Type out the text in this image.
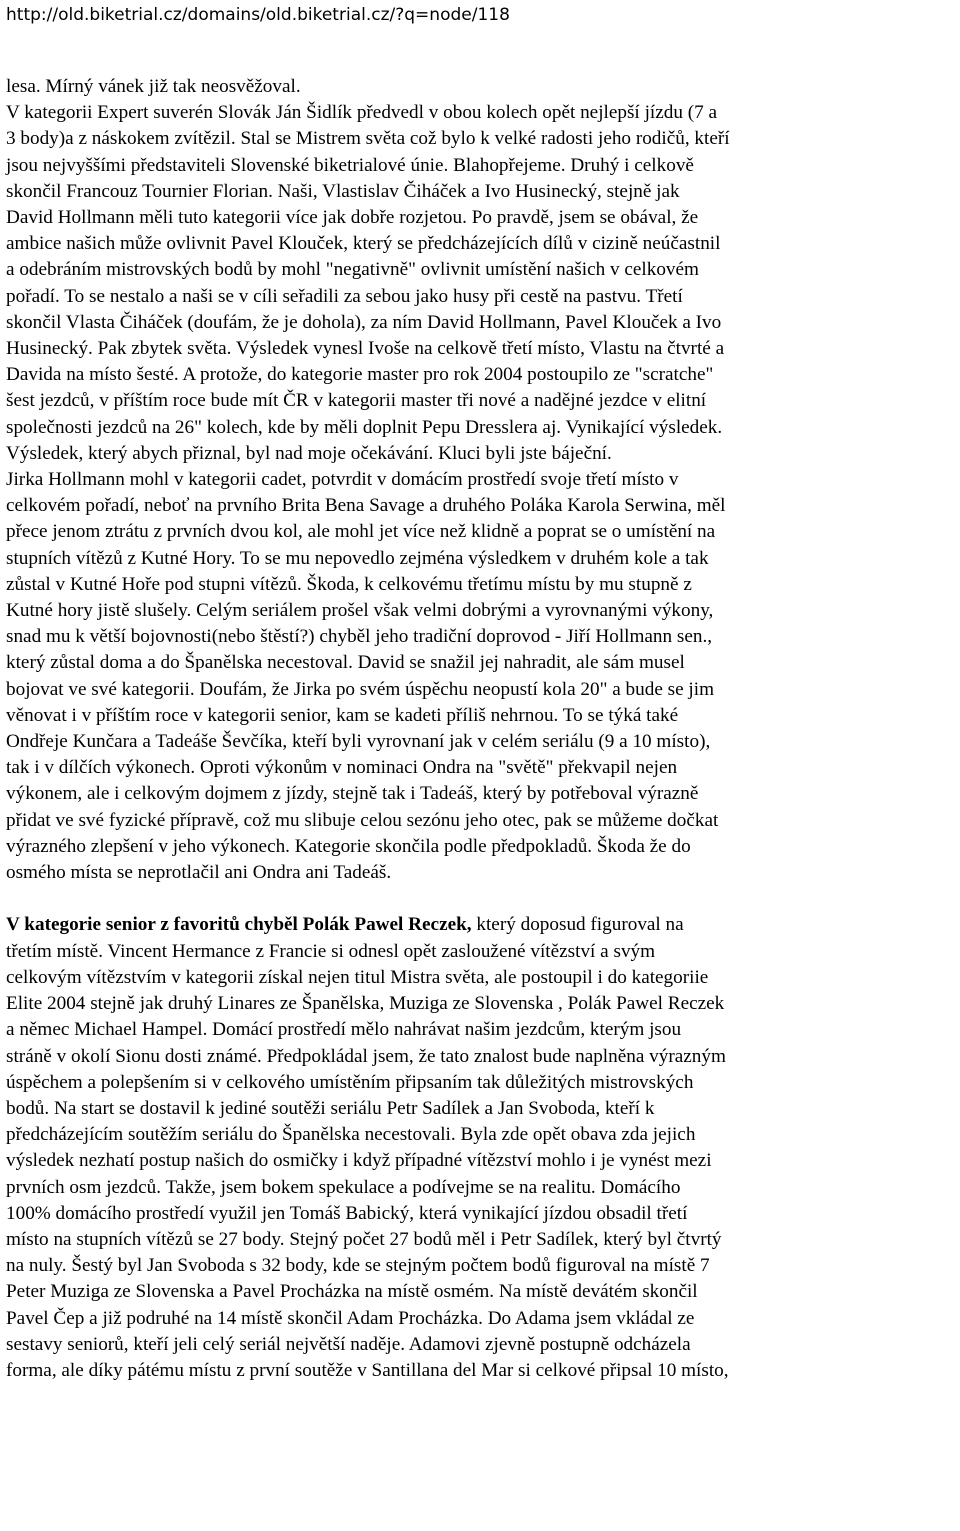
http://old.biketrial.cz/domains/old.biketrial.cz/?q=node/118

lesa. Mírný vánek již tak neosvěžoval.

V kategorii Expert suverén Slovák Ján Šidlík předvedl v obou kolech opět nejlepší jízdu (7 a

3 body)a z náskokem zvítězil. Stal se Mistrem světa což bylo k velké radosti jeho rodičů, kteří

jsou nejvyššími představiteli Slovenské biketrialové únie. Blahopřejeme. Druhý i celkově

skončil Francouz Tournier Florian. Naši, Vlastislav Čiháček a Ivo Husinecký, stejně jak

David Hollmann měli tuto kategorii více jak dobře rozjetou. Po pravdě, jsem se obával, že

ambice našich může ovlivnit Pavel Klouček, který se předcházejících dílů v cizině neúčastnil

a odebráním mistrovských bodů by mohl "negativně" ovlivnit umístění našich v celkovém

pořadí. To se nestalo a naši se v cíli seřadili za sebou jako husy při cestě na pastvu. Třetí

skončil Vlasta Čiháček (doufám, že je dohola), za ním David Hollmann, Pavel Klouček a Ivo

Husinecký. Pak zbytek světa. Výsledek vynesl Ivoše na celkově třetí místo, Vlastu na čtvrté a

Davida na místo šesté. A protože, do kategorie master pro rok 2004 postoupilo ze "scratche"

šest jezdců, v příštím roce bude mít ČR v kategorii master tři nové a nadějné jezdce v elitní

společnosti jezdců na 26" kolech, kde by měli doplnit Pepu Dresslera aj. Vynikající výsledek.

Výsledek, který abych přiznal, byl nad moje očekávání. Kluci byli jste báječní.

Jirka Hollmann mohl v kategorii cadet, potvrdit v domácím prostředí svoje třetí místo v

celkovém pořadí, neboť na prvního Brita Bena Savage a druhého Poláka Karola Serwina, měl

přece jenom ztrátu z prvních dvou kol, ale mohl jet více než klidně a poprat se o umístění na

stupních vítězů z Kutné Hory. To se mu nepovedlo zejména výsledkem v druhém kole a tak

zůstal v Kutné Hoře pod stupni vítězů. Škoda, k celkovému třetímu místu by mu stupně z

Kutné hory jistě slušely. Celým seriálem prošel však velmi dobrými a vyrovnanými výkony,

snad mu k větší bojovnosti(nebo štěstí?) chyběl jeho tradiční doprovod - Jiří Hollmann sen.,

který zůstal doma a do Španělska necestoval. David se snažil jej nahradit, ale sám musel

bojovat ve své kategorii. Doufám, že Jirka po svém úspěchu neopustí kola 20" a bude se jim

věnovat i v příštím roce v kategorii senior, kam se kadeti příliš nehrnou. To se týká také

Ondřeje Kunčara a Tadeáše Ševčíka, kteří byli vyrovnaní jak v celém seriálu (9 a 10 místo),

tak i v dílčích výkonech. Oproti výkonům v nominaci Ondra na "světě" překvapil nejen

výkonem, ale i celkovým dojmem z jízdy, stejně tak i Tadeáš, který by potřeboval výrazně

přidat ve své fyzické přípravě, což mu slibuje celou sezónu jeho otec, pak se můžeme dočkat

výrazného zlepšení v jeho výkonech. Kategorie skončila podle předpokladů. Škoda že do

osmého místa se neprotlačil ani Ondra ani Tadeáš.

V kategorie senior z favoritů chyběl Polák Pawel Reczek, který doposud figuroval na

třetím místě. Vincent Hermance z Francie si odnesl opět zasloužené vítězství a svým

celkovým vítězstvím v kategorii získal nejen titul Mistra světa, ale postoupil i do kategoriie

Elite 2004 stejně jak druhý Linares ze Španělska, Muziga ze Slovenska , Polák Pawel Reczek

a němec Michael Hampel. Domácí prostředí mělo nahrávat našim jezdcům, kterým jsou

stráně v okolí Sionu dosti známé. Předpokládal jsem, že tato znalost bude naplněna výrazným

úspěchem a polepšením si v celkového umístěním připsaním tak důležitých mistrovských

bodů. Na start se dostavil k jediné soutěži seriálu Petr Sadílek a Jan Svoboda, kteří k

předcházejícím soutěžím seriálu do Španělska necestovali. Byla zde opět obava zda jejich

výsledek nezhatí postup našich do osmičky i když případné vítězství mohlo i je vynést mezi

prvních osm jezdců. Takže, jsem bokem spekulace a podívejme se na realitu. Domácího

100% domácího prostředí využil jen Tomáš Babický, která vynikající jízdou obsadil třetí

místo na stupních vítězů se 27 body. Stejný počet 27 bodů měl i Petr Sadílek, který byl čtvrtý

na nuly. Šestý byl Jan Svoboda s 32 body, kde se stejným počtem bodů figuroval na místě 7

Peter Muziga ze Slovenska a Pavel Procházka na místě osmém. Na místě devátém skončil

Pavel Čep a již podruhé na 14 místě skončil Adam Procházka. Do Adama jsem vkládal ze

sestavy seniorů, kteří jeli celý seriál největší naděje. Adamovi zjevně postupně odcházela

forma, ale díky pátému místu z první soutěže v Santillana del Mar si celkové připsal 10 místo,
